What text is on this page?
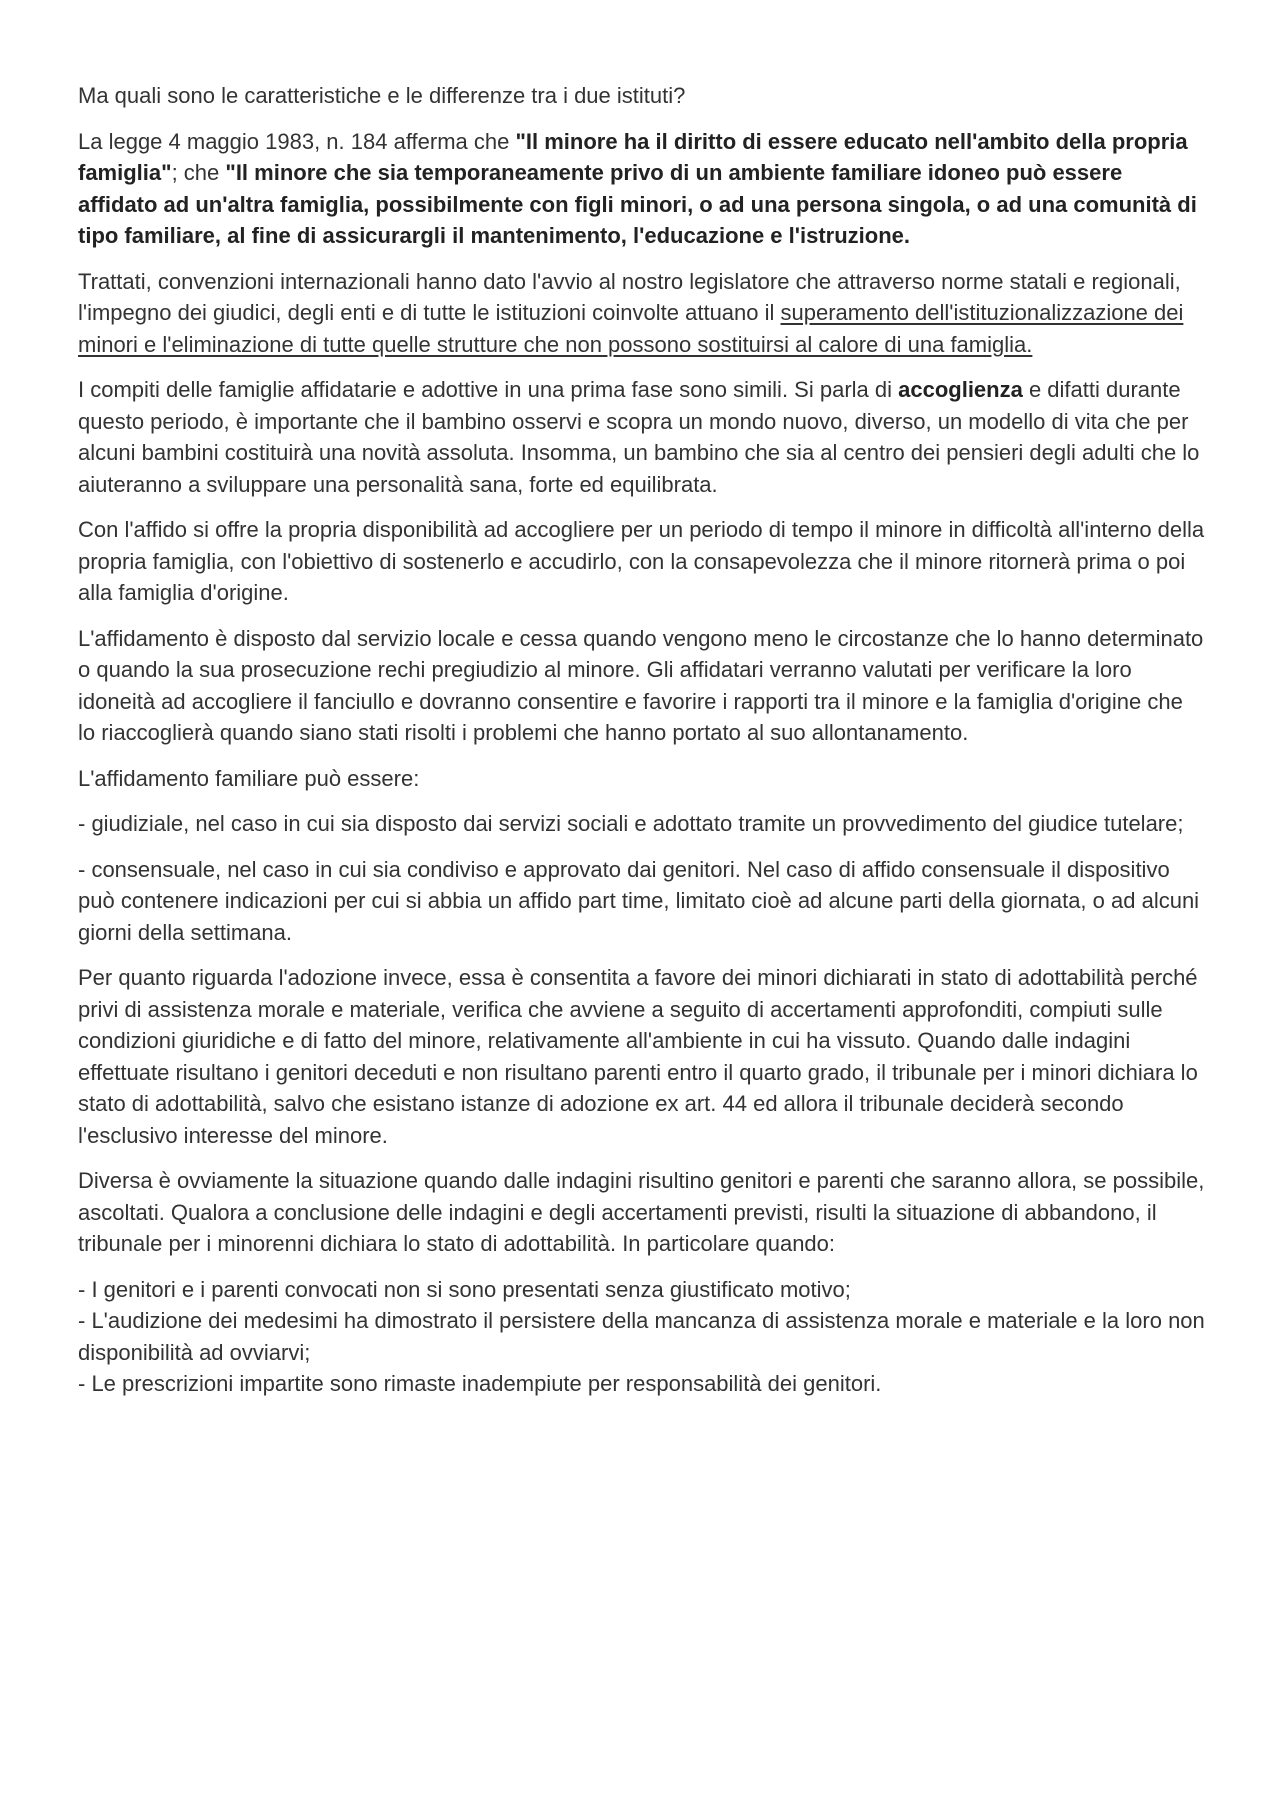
Ma quali sono le caratteristiche e le differenze tra i due istituti?

La legge 4 maggio 1983, n. 184 afferma che "Il minore ha il diritto di essere educato nell'ambito della propria famiglia"; che "Il minore che sia temporaneamente privo di un ambiente familiare idoneo può essere affidato ad un'altra famiglia, possibilmente con figli minori, o ad una persona singola, o ad una comunità di tipo familiare, al fine di assicurargli il mantenimento, l'educazione e l'istruzione.

Trattati, convenzioni internazionali hanno dato l'avvio al nostro legislatore che attraverso norme statali e regionali, l'impegno dei giudici, degli enti e di tutte le istituzioni coinvolte attuano il superamento dell'istituzionalizzazione dei minori e l'eliminazione di tutte quelle strutture che non possono sostituirsi al calore di una famiglia.

I compiti delle famiglie affidatarie e adottive in una prima fase sono simili. Si parla di accoglienza e difatti durante questo periodo, è importante che il bambino osservi e scopra un mondo nuovo, diverso, un modello di vita che per alcuni bambini costituirà una novità assoluta. Insomma, un bambino che sia al centro dei pensieri degli adulti che lo aiuteranno a sviluppare una personalità sana, forte ed equilibrata.

Con l'affido si offre la propria disponibilità ad accogliere per un periodo di tempo il minore in difficoltà all'interno della propria famiglia, con l'obiettivo di sostenerlo e accudirlo, con la consapevolezza che il minore ritornerà prima o poi alla famiglia d'origine.

L'affidamento è disposto dal servizio locale e cessa quando vengono meno le circostanze che lo hanno determinato o quando la sua prosecuzione rechi pregiudizio al minore. Gli affidatari verranno valutati per verificare la loro idoneità ad accogliere il fanciullo e dovranno consentire e favorire i rapporti tra il minore e la famiglia d'origine che lo riaccoglierà quando siano stati risolti i problemi che hanno portato al suo allontanamento.

L'affidamento familiare può essere:

- giudiziale, nel caso in cui sia disposto dai servizi sociali e adottato tramite un provvedimento del giudice tutelare;

- consensuale, nel caso in cui sia condiviso e approvato dai genitori. Nel caso di affido consensuale il dispositivo può contenere indicazioni per cui si abbia un affido part time, limitato cioè ad alcune parti della giornata, o ad alcuni giorni della settimana.

Per quanto riguarda l'adozione invece, essa è consentita a favore dei minori dichiarati in stato di adottabilità perché privi di assistenza morale e materiale, verifica che avviene a seguito di accertamenti approfonditi, compiuti sulle condizioni giuridiche e di fatto del minore, relativamente all'ambiente in cui ha vissuto. Quando dalle indagini effettuate risultano i genitori deceduti e non risultano parenti entro il quarto grado, il tribunale per i minori dichiara lo stato di adottabilità, salvo che esistano istanze di adozione ex art. 44 ed allora il tribunale deciderà secondo l'esclusivo interesse del minore.

Diversa è ovviamente la situazione quando dalle indagini risultino genitori e parenti che saranno allora, se possibile, ascoltati. Qualora a conclusione delle indagini e degli accertamenti previsti, risulti la situazione di abbandono, il tribunale per i minorenni dichiara lo stato di adottabilità. In particolare quando:

- I genitori e i parenti convocati non si sono presentati senza giustificato motivo;

- L'audizione dei medesimi ha dimostrato il persistere della mancanza di assistenza morale e materiale e la loro non disponibilità ad ovviarvi;

- Le prescrizioni impartite sono rimaste inadempiute per responsabilità dei genitori.
